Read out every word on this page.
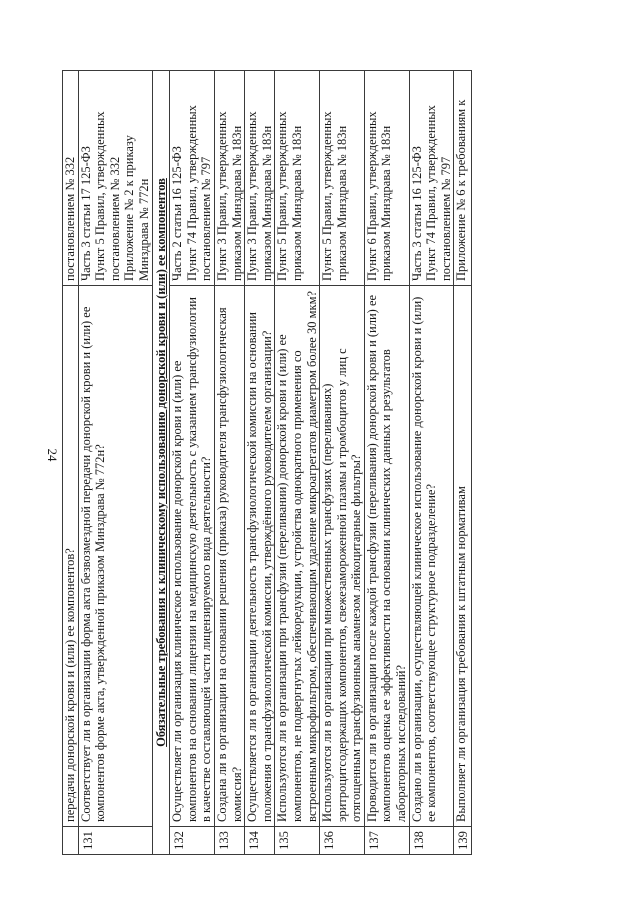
24

	передачи донорской крови и (или) ее компонентов?	постановлением № 332

131	Соответствует ли в организации форма акта безвозмездной передачи донорской крови и (или) ее компонентов форме акта, утвержденной приказом Минздрава № 772н?	Часть 3 статьи 17 125-ФЗ Пункт 5 Правил, утвержденных постановлением № 332 Приложение № 2 к приказу Минздрава № 772н

Обязательные требования к клиническому использованию донорской крови и (или) ее компонентов		
132	Осуществляет ли организация клиническое использование донорской крови и (или) ее компонентов на основании лицензии на медицинскую деятельность с указанием трансфузиологии в качестве составляющей части лицензируемого вида деятельности?	Часть 2 статьи 16 125-ФЗ Пункт 74 Правил, утвержденных постановлением № 797

133	Создана ли в организации на основании решения (приказа) руководителя трансфузиологическая комиссия?	Пункт 3 Правил, утвержденных приказом Минздрава № 183н

134	Осуществляется ли в организации деятельность трансфузиологической комиссии на основании положения о трансфузиологической комиссии, утверждённого руководителем организации?	Пункт 3 Правил, утвержденных приказом Минздрава № 183н

135	Используются ли в организации при трансфузии (переливании) донорской крови и (или) ее компонентов, не подвергнутых лейкоредукции, устройства однократного применения со встроенным микрофильтром, обеспечивающим удаление микроагрегатов диаметром более 30 мкм?	Пункт 5 Правил, утвержденных приказом Минздрава № 183н

136	Используются ли в организации при множественных трансфузиях (переливаниях) эритроцитсодержащих компонентов, свежезамороженной плазмы и тромбоцитов у лиц с отягощенным трансфузионным анамнезом лейкоцитарные фильтры?	Пункт 5 Правил, утвержденных приказом Минздрава № 183н

137	Проводится ли в организации после каждой трансфузии (переливания) донорской крови и (или) ее компонентов оценка ее эффективности на основании клинических данных и результатов лабораторных исследований?	Пункт 6 Правил, утвержденных приказом Минздрава № 183н

138	Создано ли в организации, осуществляющей клиническое использование донорской крови и (или) ее компонентов, соответствующее структурное подразделение?	Часть 3 статьи 16 125-ФЗ Пункт 74 Правил, утвержденных постановлением № 797

139	Выполняет ли организация требования к штатным нормативам	Приложение № 6 к требованиям к
